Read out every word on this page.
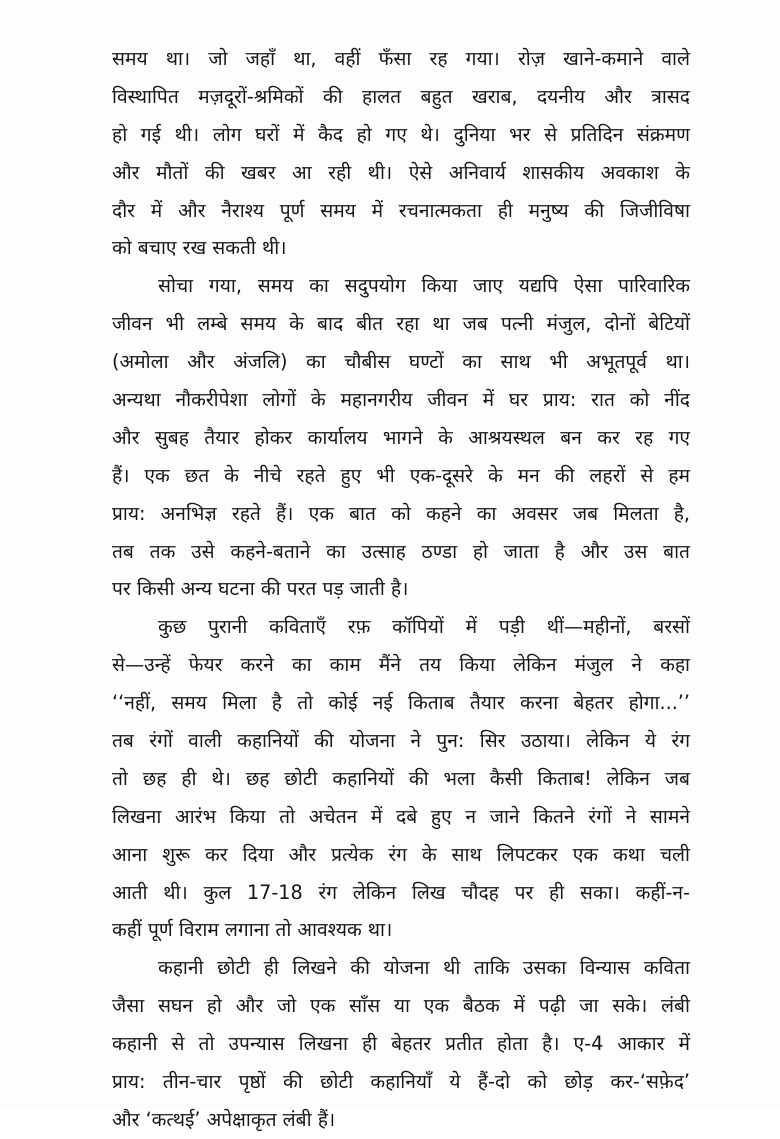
समय था। जो जहाँ था, वहीं फँसा रह गया। रोज़ खाने-कमाने वाले
विस्थापित मज़दूरों-श्रमिकों की हालत बहुत खराब, दयनीय और त्रासद
हो गई थी। लोग घरों में कैद हो गए थे। दुनिया भर से प्रतिदिन संक्रमण
और मौतों की खबर आ रही थी। ऐसे अनिवार्य शासकीय अवकाश के
दौर में और नैराश्य पूर्ण समय में रचनात्मकता ही मनुष्य की जिजीविषा
को बचाए रख सकती थी।
सोचा गया, समय का सदुपयोग किया जाए यद्यपि ऐसा पारिवारिक
जीवन भी लम्बे समय के बाद बीत रहा था जब पत्नी मंजुल, दोनों बेटियों
(अमोला और अंजलि) का चौबीस घण्टों का साथ भी अभूतपूर्व था।
अन्यथा नौकरीपेशा लोगों के महानगरीय जीवन में घर प्राय: रात को नींद
और सुबह तैयार होकर कार्यालय भागने के आश्रयस्थल बन कर रह गए
हैं। एक छत के नीचे रहते हुए भी एक-दूसरे के मन की लहरों से हम
प्राय: अनभिज्ञ रहते हैं। एक बात को कहने का अवसर जब मिलता है,
तब तक उसे कहने-बताने का उत्साह ठण्डा हो जाता है और उस बात
पर किसी अन्य घटना की परत पड़ जाती है।
कुछ पुरानी कविताएँ रफ़ कॉपियों में पड़ी थीं—महीनों, बरसों
से—उन्हें फेयर करने का काम मैंने तय किया लेकिन मंजुल ने कहा
‘‘नहीं, समय मिला है तो कोई नई किताब तैयार करना बेहतर होगा...’’
तब रंगों वाली कहानियों की योजना ने पुन: सिर उठाया। लेकिन ये रंग
तो छह ही थे। छह छोटी कहानियों की भला कैसी किताब! लेकिन जब
लिखना आरंभ किया तो अचेतन में दबे हुए न जाने कितने रंगों ने सामने
आना शुरू कर दिया और प्रत्येक रंग के साथ लिपटकर एक कथा चली
आती थी। कुल 17-18 रंग लेकिन लिख चौदह पर ही सका। कहीं-न-
कहीं पूर्ण विराम लगाना तो आवश्यक था।
कहानी छोटी ही लिखने की योजना थी ताकि उसका विन्यास कविता
जैसा सघन हो और जो एक साँस या एक बैठक में पढ़ी जा सके। लंबी
कहानी से तो उपन्यास लिखना ही बेहतर प्रतीत होता है। ए-4 आकार में
प्राय: तीन-चार पृष्ठों की छोटी कहानियाँ ये हैं-दो को छोड़ कर-‘सफ़ेद’
और ‘कत्थई’ अपेक्षाकृत लंबी हैं।
